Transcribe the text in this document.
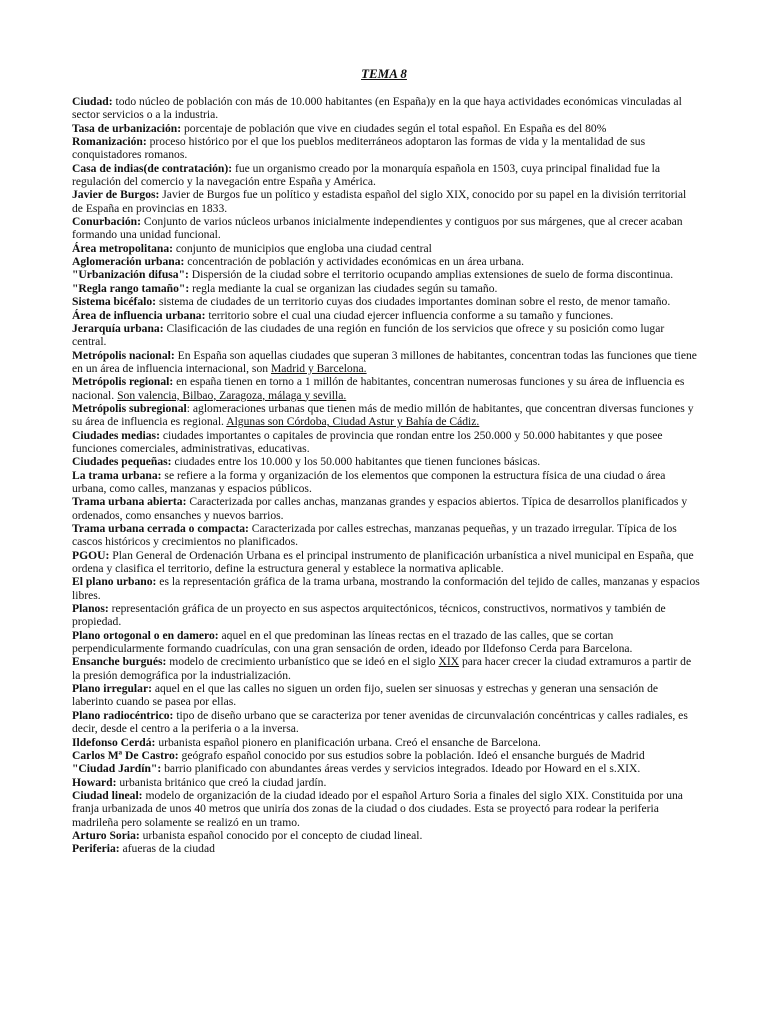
TEMA 8

Ciudad: todo núcleo de población con más de 10.000 habitantes (en España)y en la que haya actividades económicas vinculadas al sector servicios o a la industria.

Tasa de urbanización: porcentaje de población que vive en ciudades según el total español. En España es del 80%

Romanización: proceso histórico por el que los pueblos mediterráneos adoptaron las formas de vida y la mentalidad de sus conquistadores romanos.

Casa de indias(de contratación): fue un organismo creado por la monarquía española en 1503, cuya principal finalidad fue la regulación del comercio y la navegación entre España y América.

Javier de Burgos: Javier de Burgos fue un político y estadista español del siglo XIX, conocido por su papel en la división territorial de España en provincias en 1833.

Conurbación: Conjunto de varios núcleos urbanos inicialmente independientes y contiguos por sus márgenes, que al crecer acaban formando una unidad funcional.

Área metropolitana: conjunto de municipios que engloba una ciudad central

Aglomeración urbana: concentración de población y actividades económicas en un área urbana.

"Urbanización difusa": Dispersión de la ciudad sobre el territorio ocupando amplias extensiones de suelo de forma discontinua.

"Regla rango tamaño": regla mediante la cual se organizan las ciudades según su tamaño.

Sistema bicéfalo: sistema de ciudades de un territorio cuyas dos ciudades importantes dominan sobre el resto, de menor tamaño.

Área de influencia urbana: territorio sobre el cual una ciudad ejercer influencia conforme a su tamaño y funciones.

Jerarquía urbana: Clasificación de las ciudades de una región en función de los servicios que ofrece y su posición como lugar central.

Metrópolis nacional: En España son aquellas ciudades que superan 3 millones de habitantes, concentran todas las funciones que tiene en un área de influencia internacional, son Madrid y Barcelona.

Metrópolis regional: en españa tienen en torno a 1 millón de habitantes, concentran numerosas funciones y su área de influencia es nacional. Son valencia, Bilbao, Zaragoza, málaga y sevilla.

Metrópolis subregional: aglomeraciones urbanas que tienen más de medio millón de habitantes, que concentran diversas funciones y su área de influencia es regional. Algunas son Córdoba, Ciudad Astur y Bahía de Cádiz.

Ciudades medias: ciudades importantes o capitales de provincia que rondan entre los 250.000 y 50.000 habitantes y que posee funciones comerciales, administrativas, educativas.

Ciudades pequeñas: ciudades entre los 10.000 y los 50.000 habitantes que tienen funciones básicas.

La trama urbana: se refiere a la forma y organización de los elementos que componen la estructura física de una ciudad o área urbana, como calles, manzanas y espacios públicos.

Trama urbana abierta: Caracterizada por calles anchas, manzanas grandes y espacios abiertos. Típica de desarrollos planificados y ordenados, como ensanches y nuevos barrios.

Trama urbana cerrada o compacta: Caracterizada por calles estrechas, manzanas pequeñas, y un trazado irregular. Típica de los cascos históricos y crecimientos no planificados.

PGOU: Plan General de Ordenación Urbana es el principal instrumento de planificación urbanística a nivel municipal en España, que ordena y clasifica el territorio, define la estructura general y establece la normativa aplicable.

El plano urbano: es la representación gráfica de la trama urbana, mostrando la conformación del tejido de calles, manzanas y espacios libres.

Planos: representación gráfica de un proyecto en sus aspectos arquitectónicos, técnicos, constructivos, normativos y también de propiedad.

Plano ortogonal o en damero: aquel en el que predominan las líneas rectas en el trazado de las calles, que se cortan perpendicularmente formando cuadrículas, con una gran sensación de orden, ideado por Ildefonso Cerda para Barcelona.

Ensanche burgués: modelo de crecimiento urbanístico que se ideó en el siglo XIX para hacer crecer la ciudad extramuros a partir de la presión demográfica por la industrialización.

Plano irregular: aquel en el que las calles no siguen un orden fijo, suelen ser sinuosas y estrechas y generan una sensación de laberinto cuando se pasea por ellas.

Plano radiocéntrico: tipo de diseño urbano que se caracteriza por tener avenidas de circunvalación concéntricas y calles radiales, es decir, desde el centro a la periferia o a la inversa.

Ildefonso Cerdá: urbanista español pionero en planificación urbana. Creó el ensanche de Barcelona.

Carlos Mª De Castro: geógrafo español conocido por sus estudios sobre la población. Ideó el ensanche burgués de Madrid

"Ciudad Jardín": barrio planificado con abundantes áreas verdes y servicios integrados. Ideado por Howard en el s.XIX.

Howard: urbanista británico que creó la ciudad jardín.

Ciudad lineal: modelo de organización de la ciudad ideado por el español Arturo Soria a finales del siglo XIX. Constituida por una franja urbanizada de unos 40 metros que uniría dos zonas de la ciudad o dos ciudades. Esta se proyectó para rodear la periferia madrileña pero solamente se realizó en un tramo.

Arturo Soria: urbanista español conocido por el concepto de ciudad lineal.

Periferia: afueras de la ciudad
